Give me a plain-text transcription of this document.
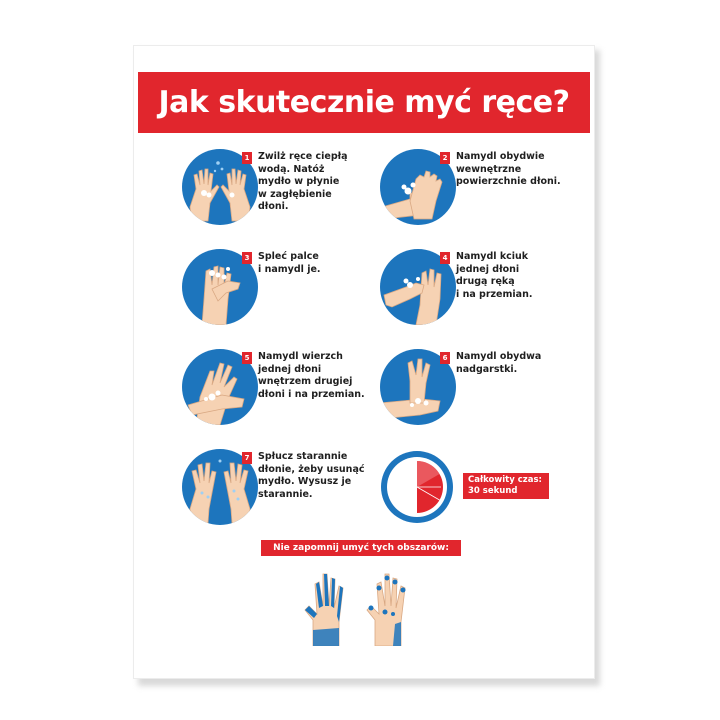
Jak skutecznie myć ręce?
1 Zwilż ręce ciepłą
wodą. Natóż
mydło w płynie
w zagłębienie
dłoni.
2 Namydl obydwie
wewnętrzne
powierzchnie dłoni.
3 Spleć palce
i namydl je.
4 Namydl kciuk
jednej dłoni
drugą ręką
i na przemian.
5 Namydl wierzch
jednej dłoni
wnętrzem drugiej
dłoni i na przemian.
6 Namydl obydwa
nadgarstki.
7 Spłucz starannie
dłonie, żeby usunąć
mydło. Wysusz je
starannie.
Całkowity czas:
30 sekund
Nie zapomnij umyć tych obszarów:
